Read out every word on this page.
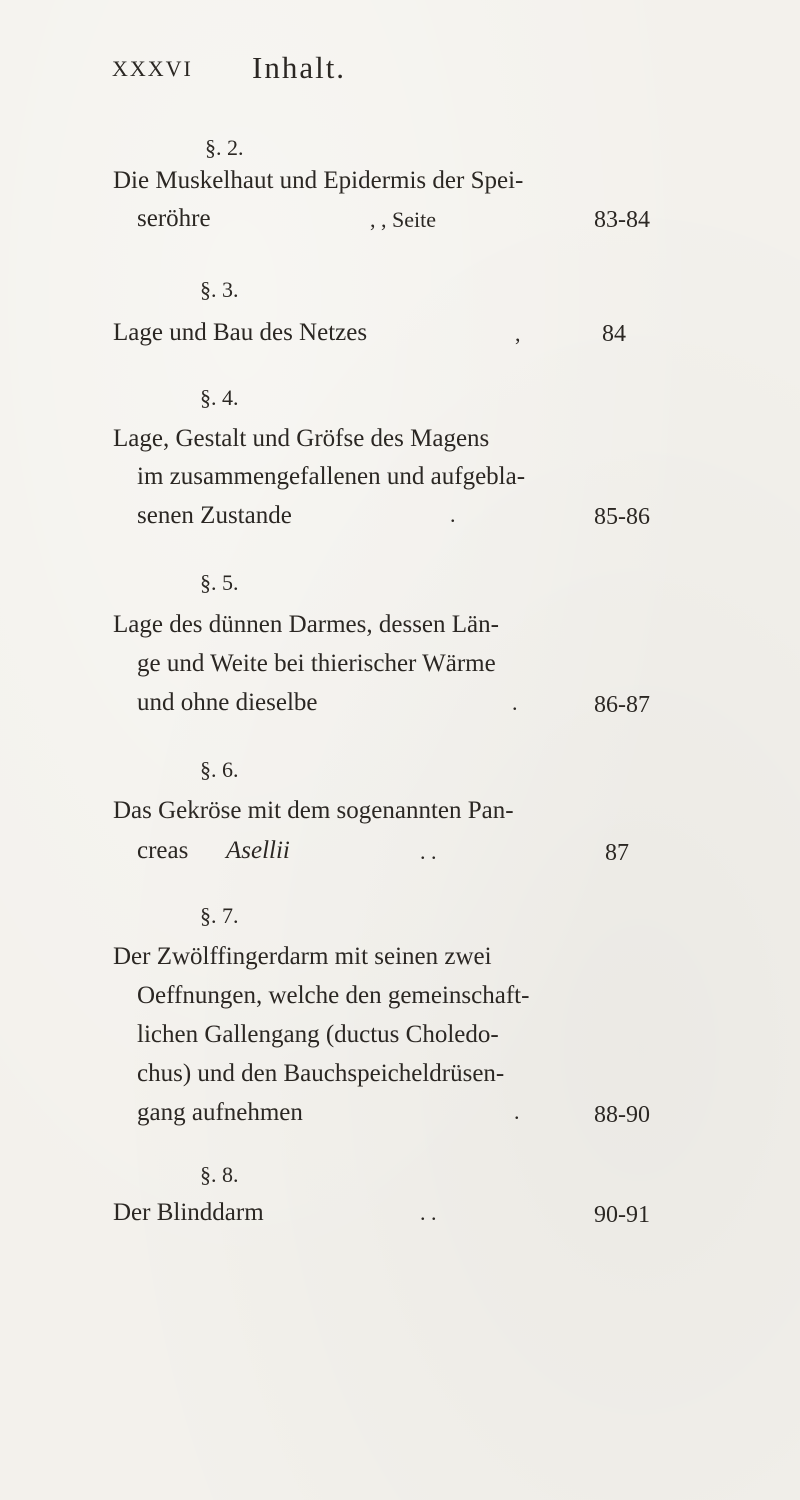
XXXVI Inhalt.
§. 2.
Die Muskelhaut und Epidermis der Spei-
seröhre	, , Seite	83-84
§. 3.
Lage und Bau des Netzes	,	84
§. 4.
Lage, Gestalt und Gröfse des Magens
im zusammengefallenen und aufgebla-
senen Zustande	.	85-86
§. 5.
Lage des dünnen Darmes, dessen Län-
ge und Weite bei thierischer Wärme
und ohne dieselbe	.	86-87
§. 6.
Das Gekröse mit dem sogenannten Pan-
creas Asellii	. .	87
§. 7.
Der Zwölffingerdarm mit seinen zwei
Oeffnungen, welche den gemeinschaft-
lichen Gallengang (ductus Choledo-
chus) und den Bauchspeicheldrüsen-
gang aufnehmen	.	88-90
§. 8.
Der Blinddarm	. .	90-91
